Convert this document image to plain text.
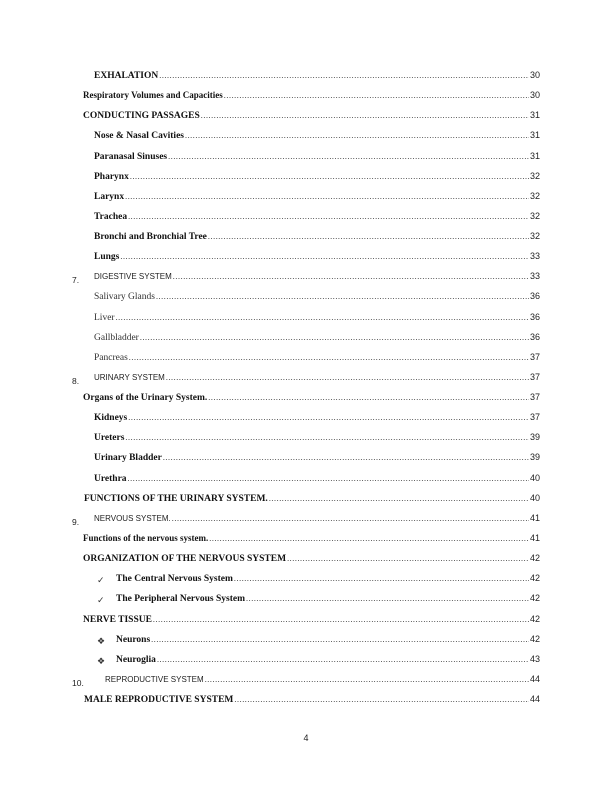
EXHALATION .....	30
Respiratory Volumes and Capacities .....	30
CONDUCTING PASSAGES .....	31
Nose & Nasal Cavities .....	31
Paranasal Sinuses .....	31
Pharynx .....	32
Larynx .....	32
Trachea .....	32
Bronchi and Bronchial Tree .....	32
Lungs .....	33
7. DIGESTIVE SYSTEM .....	33
Salivary Glands .....	36
Liver .....	36
Gallbladder .....	36
Pancreas .....	37
8. URINARY SYSTEM .....	37
Organs of the Urinary System. .....	37
Kidneys .....	37
Ureters .....	39
Urinary Bladder .....	39
Urethra .....	40
FUNCTIONS OF THE URINARY SYSTEM. .....	40
9. NERVOUS SYSTEM. .....	41
Functions of the nervous system. .....	41
ORGANIZATION OF THE NERVOUS SYSTEM .....	42
✓ The Central Nervous System .....	42
✓ The Peripheral Nervous System .....	42
NERVE TISSUE .....	42
❖ Neurons .....	42
❖ Neuroglia .....	43
10.	REPRODUCTIVE SYSTEM .....	44
MALE REPRODUCTIVE SYSTEM .....	44
4
